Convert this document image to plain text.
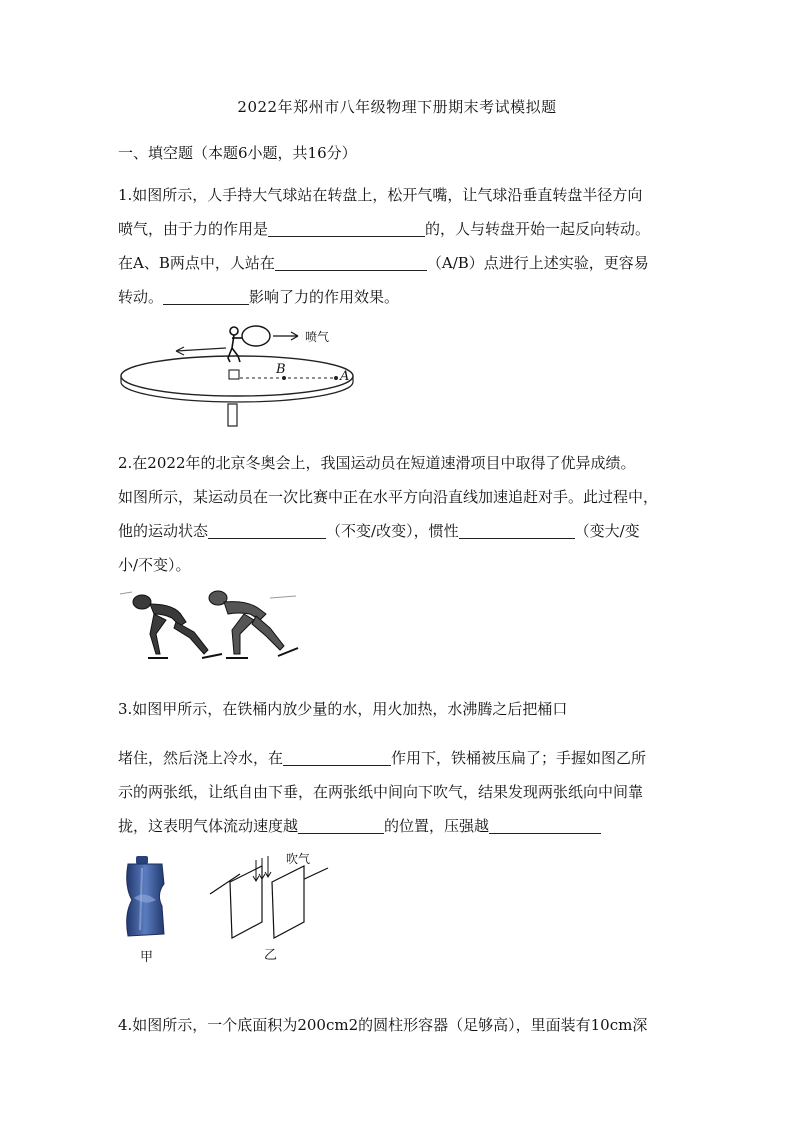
2022年郑州市八年级物理下册期末考试模拟题
一、填空题（本题6小题，共16分）
1.如图所示，人手持大气球站在转盘上，松开气嘴，让气球沿垂直转盘半径方向
喷气，由于力的作用是	的，人与转盘开始一起反向转动。
在A、B两点中，人站在	（A/B）点进行上述实验，更容易
转动。	影响了力的作用效果。
喷气
B	A
2.在2022年的北京冬奥会上，我国运动员在短道速滑项目中取得了优异成绩。
如图所示，某运动员在一次比赛中正在水平方向沿直线加速追赶对手。此过程中，
他的运动状态	（不变/改变），惯性	（变大/变
小/不变）。
3.如图甲所示，在铁桶内放少量的水，用火加热，水沸腾之后把桶口
堵住，然后浇上冷水，在	作用下，铁桶被压扁了；手握如图乙所
示的两张纸，让纸自由下垂，在两张纸中间向下吹气，结果发现两张纸向中间靠
拢，这表明气体流动速度越	的位置，压强越
甲
吹气
乙
4.如图所示，一个底面积为200cm2的圆柱形容器（足够高），里面装有10cm深
